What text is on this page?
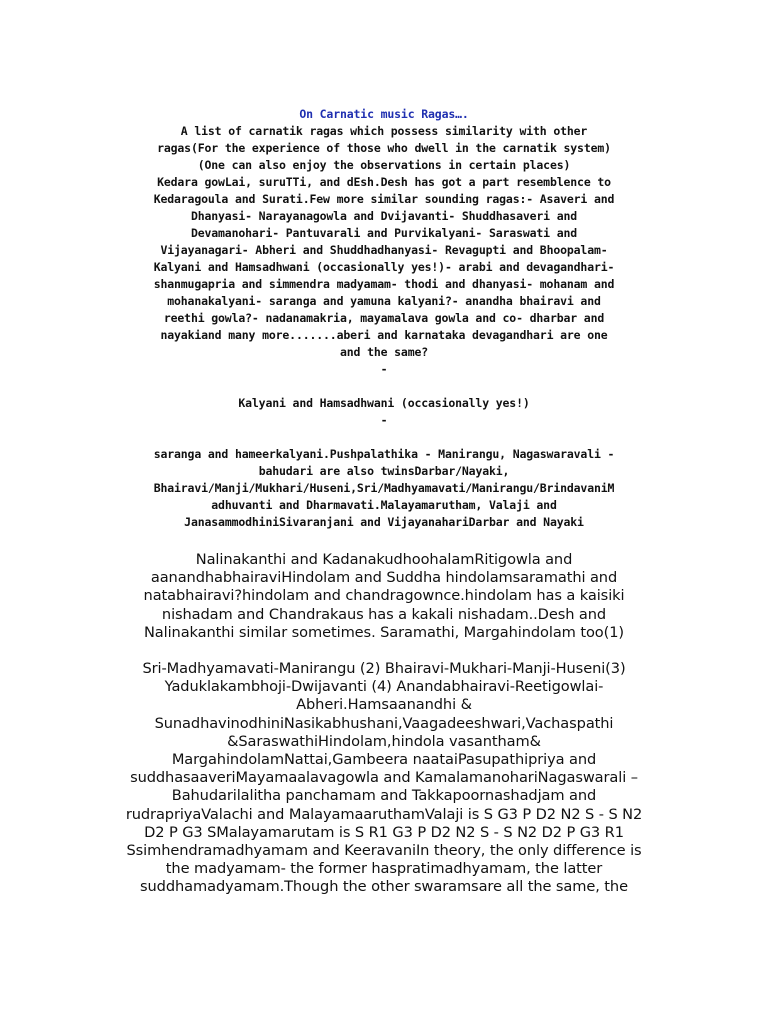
On Carnatic music Ragas….

A list of carnatik ragas which possess similarity with other
ragas(For the experience of those who dwell in the carnatik system)
(One can also enjoy the observations in certain places)
Kedara gowLai, suruTTi, and dEsh.Desh has got a part resemblence to
Kedaragoula and Surati.Few more similar sounding ragas:- Asaveri and
Dhanyasi- Narayanagowla and Dvijavanti- Shuddhasaveri and
Devamanohari- Pantuvarali and Purvikalyani- Saraswati and
Vijayanagari- Abheri and Shuddhadhanyasi- Revagupti and Bhoopalam-
Kalyani and Hamsadhwani (occasionally yes!)- arabi and devagandhari-
shanmugapria and simmendra madyamam- thodi and dhanyasi- mohanam and
mohanakalyani- saranga and yamuna kalyani?- anandha bhairavi and
reethi gowla?- nadanamakria, mayamalava gowla and co- dharbar and
nayakiand many more.......aberi and karnataka devagandhari are one
and the same?

-

Kalyani and Hamsadhwani (occasionally yes!)

-

saranga and hameerkalyani.Pushpalathika - Manirangu, Nagaswaravali -
bahudari are also twinsDarbar/Nayaki,
Bhairavi/Manji/Mukhari/Huseni,Sri/Madhyamavati/Manirangu/BrindavaniM
adhuvanti and Dharmavati.Malayamarutham, Valaji and
JanasammodhiniSivaranjani and VijayanahariDarbar and Nayaki

Nalinakanthi and KadanakudhoohalamRitigowla and
aanandhabhairaviHindolam and Suddha hindolamsaramathi and
natabhairavi?hindolam and chandragownce.hindolam has a kaisiki
nishadam and Chandrakaus has a kakali nishadam..Desh and
Nalinakanthi similar sometimes. Saramathi, Margahindolam too(1)

Sri-Madhyamavati-Manirangu (2) Bhairavi-Mukhari-Manji-Huseni(3)
Yaduklakambhoji-Dwijavanti (4) Anandabhairavi-Reetigowlai-
Abheri.Hamsaanandhi &
SunadhavinodhiniNasikabhushani,Vaagadeeshwari,Vachaspathi
&SaraswathiHindolam,hindola vasantham&
MargahindolamNattai,Gambeera naataiPasupathipriya and
suddhasaaveriMayamaalavagowla and KamalamanohariNagaswarali –
Bahudarilalitha panchamam and Takkapoornashadjam and
rudrapriyaValachi and MalayamaaruthamValaji is S G3 P D2 N2 S - S N2
D2 P G3 SMalayamarutam is S R1 G3 P D2 N2 S - S N2 D2 P G3 R1
Ssimhendramadhyamam and KeeravaniIn theory, the only difference is
the madyamam- the former haspratimadhyamam, the latter
suddhamadyamam.Though the other swaramsare all the same, the
